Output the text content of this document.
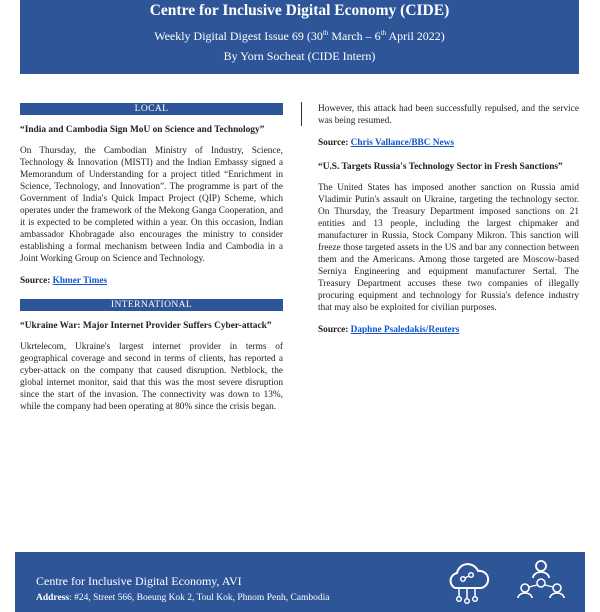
Centre for Inclusive Digital Economy (CIDE)
Weekly Digital Digest Issue 69 (30th March – 6th April 2022)
By Yorn Socheat (CIDE Intern)
LOCAL
“India and Cambodia Sign MoU on Science and Technology”
On Thursday, the Cambodian Ministry of Industry, Science, Technology & Innovation (MISTI) and the Indian Embassy signed a Memorandum of Understanding for a project titled “Enrichment in Science, Technology, and Innovation”. The programme is part of the Government of India's Quick Impact Project (QIP) Scheme, which operates under the framework of the Mekong Ganga Cooperation, and it is expected to be completed within a year. On this occasion, Indian ambassador Khobragade also encourages the ministry to consider establishing a formal mechanism between India and Cambodia in a Joint Working Group on Science and Technology.
Source: Khmer Times
INTERNATIONAL
“Ukraine War: Major Internet Provider Suffers Cyber-attack”
Ukrtelecom, Ukraine's largest internet provider in terms of geographical coverage and second in terms of clients, has reported a cyber-attack on the company that caused disruption. Netblock, the global internet monitor, said that this was the most severe disruption since the start of the invasion. The connectivity was down to 13%, while the company had been operating at 80% since the crisis began.
However, this attack had been successfully repulsed, and the service was being resumed.
Source: Chris Vallance/BBC News
“U.S. Targets Russia's Technology Sector in Fresh Sanctions”
The United States has imposed another sanction on Russia amid Vladimir Putin's assault on Ukraine, targeting the technology sector. On Thursday, the Treasury Department imposed sanctions on 21 entities and 13 people, including the largest chipmaker and manufacturer in Russia, Stock Company Mikron. This sanction will freeze those targeted assets in the US and bar any connection between them and the Americans. Among those targeted are Moscow-based Serniya Engineering and equipment manufacturer Sertal. The Treasury Department accuses these two companies of illegally procuring equipment and technology for Russia's defence industry that may also be exploited for civilian purposes.
Source: Daphne Psaledakis/Reuters
Centre for Inclusive Digital Economy, AVI
Address: #24, Street 566, Boeung Kok 2, Toul Kok, Phnom Penh, Cambodia
